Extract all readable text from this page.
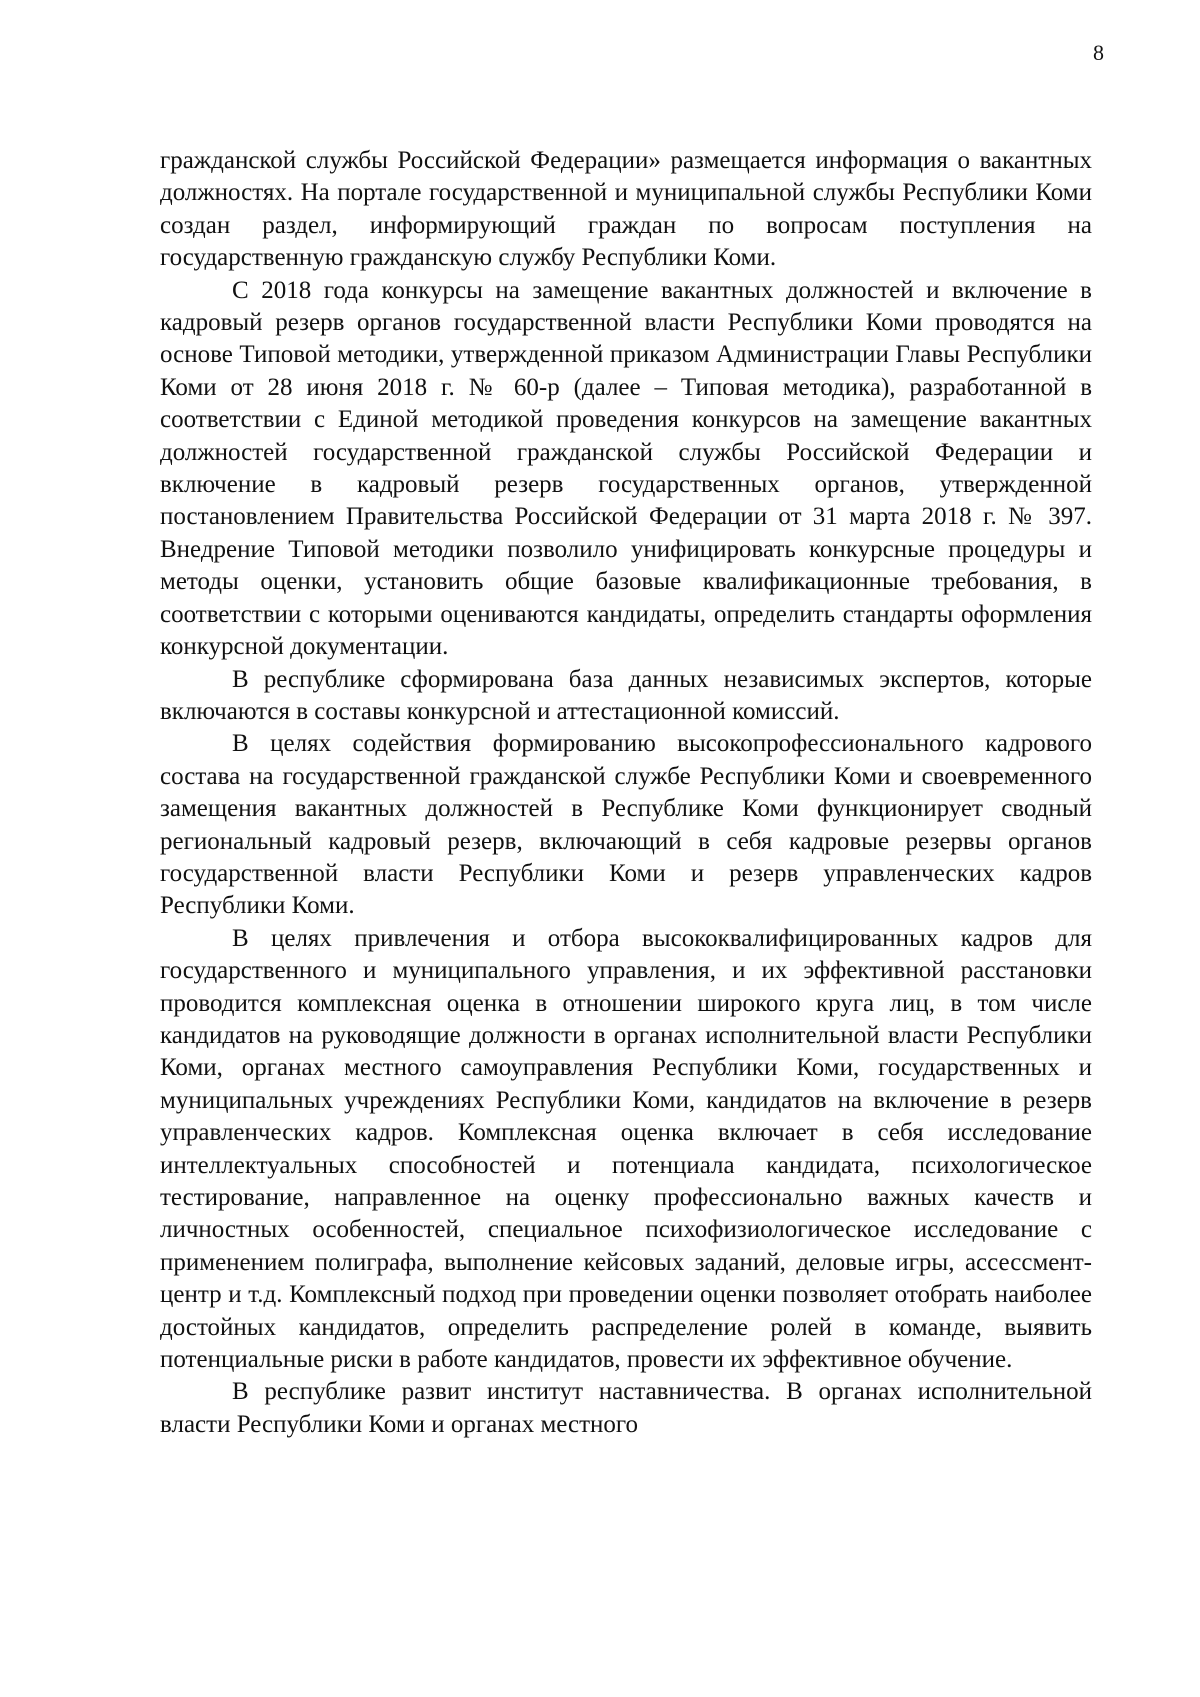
8

гражданской службы Российской Федерации» размещается информация о вакантных должностях. На портале государственной и муниципальной службы Республики Коми создан раздел, информирующий граждан по вопросам поступления на государственную гражданскую службу Республики Коми.

С 2018 года конкурсы на замещение вакантных должностей и включение в кадровый резерв органов государственной власти Республики Коми проводятся на основе Типовой методики, утвержденной приказом Администрации Главы Республики Коми от 28 июня 2018 г. № 60-р (далее – Типовая методика), разработанной в соответствии с Единой методикой проведения конкурсов на замещение вакантных должностей государственной гражданской службы Российской Федерации и включение в кадровый резерв государственных органов, утвержденной постановлением Правительства Российской Федерации от 31 марта 2018 г. № 397. Внедрение Типовой методики позволило унифицировать конкурсные процедуры и методы оценки, установить общие базовые квалификационные требования, в соответствии с которыми оцениваются кандидаты, определить стандарты оформления конкурсной документации.

В республике сформирована база данных независимых экспертов, которые включаются в составы конкурсной и аттестационной комиссий.

В целях содействия формированию высокопрофессионального кадрового состава на государственной гражданской службе Республики Коми и своевременного замещения вакантных должностей в Республике Коми функционирует сводный региональный кадровый резерв, включающий в себя кадровые резервы органов государственной власти Республики Коми и резерв управленческих кадров Республики Коми.

В целях привлечения и отбора высококвалифицированных кадров для государственного и муниципального управления, и их эффективной расстановки проводится комплексная оценка в отношении широкого круга лиц, в том числе кандидатов на руководящие должности в органах исполнительной власти Республики Коми, органах местного самоуправления Республики Коми, государственных и муниципальных учреждениях Республики Коми, кандидатов на включение в резерв управленческих кадров. Комплексная оценка включает в себя исследование интеллектуальных способностей и потенциала кандидата, психологическое тестирование, направленное на оценку профессионально важных качеств и личностных особенностей, специальное психофизиологическое исследование с применением полиграфа, выполнение кейсовых заданий, деловые игры, ассессмент-центр и т.д. Комплексный подход при проведении оценки позволяет отобрать наиболее достойных кандидатов, определить распределение ролей в команде, выявить потенциальные риски в работе кандидатов, провести их эффективное обучение.

В республике развит институт наставничества. В органах исполнительной власти Республики Коми и органах местного
